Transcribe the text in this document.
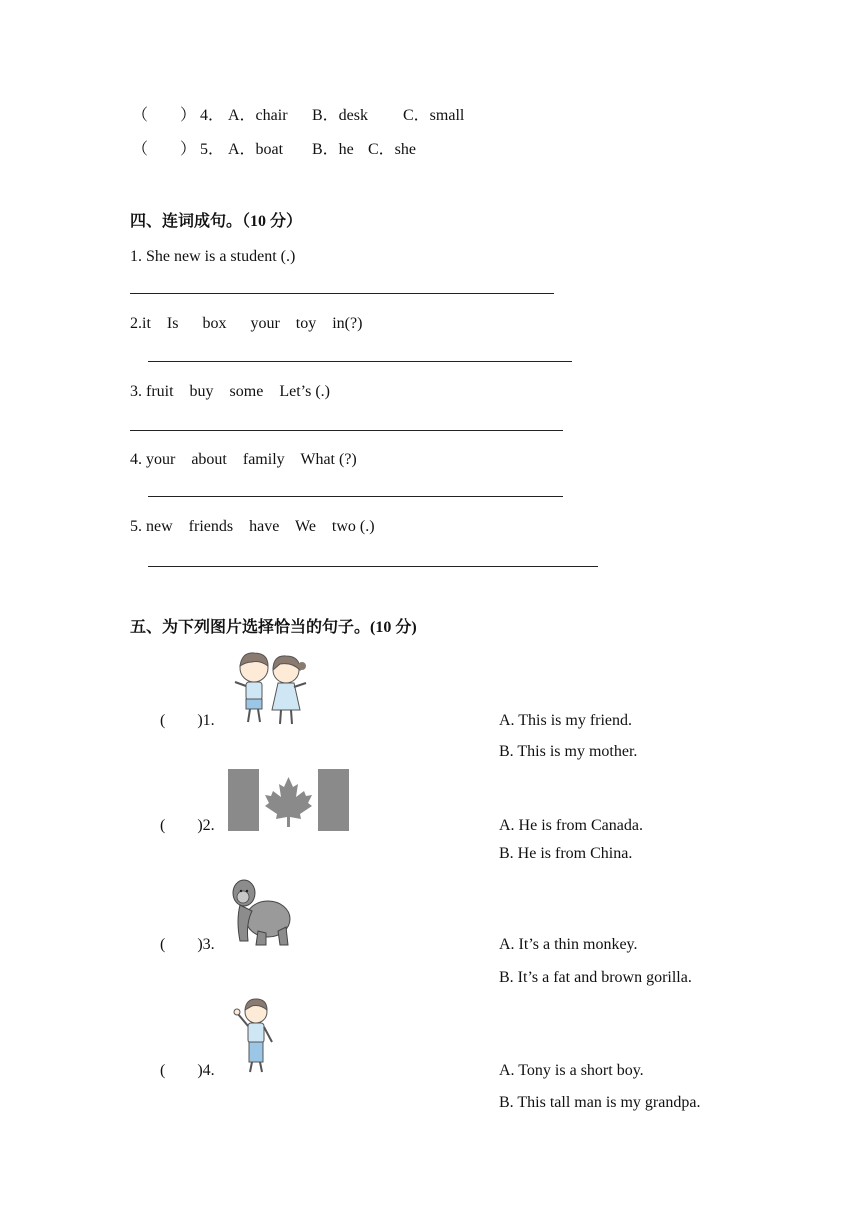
（　　） 4． A．chair B．desk C．small
（　　） 5． A．boat B．he C．she
四、连词成句。（10 分）
1. She new is a student (.)
2.it    Is      box      your    toy    in(?)
3. fruit    buy    some    Let’s (.)
4. your    about    family    What (?)
5. new    friends    have    We    two (.)
五、为下列图片选择恰当的句子。(10 分)
(　　)1.	A. This is my friend.
B. This is my mother.
(　　)2.	A. He is from Canada.
B. He is from China.
(　　)3.	A. It’s a thin monkey.
B. It’s a fat and brown gorilla.
(　　)4.	A. Tony is a short boy.
B. This tall man is my grandpa.
